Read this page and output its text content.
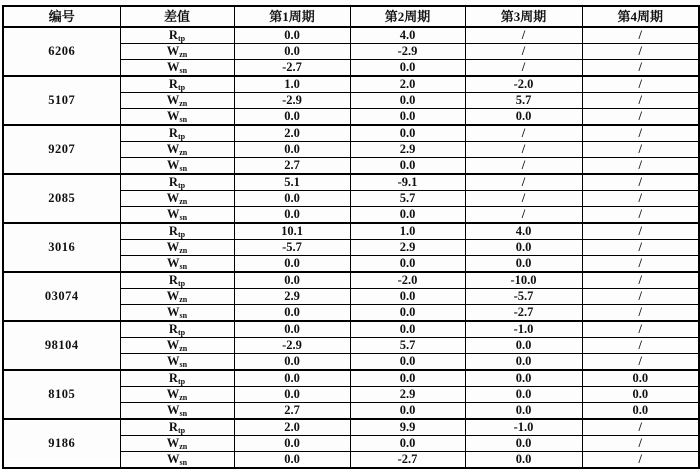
编号	差值	第1周期	第2周期	第3周期	第4周期
6206	$R_{tp}$	0.0	4.0	/	/
	$W_{zn}$	0.0	-2.9	/	/
	$W_{sn}$	-2.7	0.0	/	/
5107	$R_{tp}$	1.0	2.0	-2.0	/
	$W_{zn}$	-2.9	0.0	5.7	/
	$W_{sn}$	0.0	0.0	0.0	/
9207	$R_{tp}$	2.0	0.0	/	/
	$W_{zn}$	0.0	2.9	/	/
	$W_{sn}$	2.7	0.0	/	/
2085	$R_{tp}$	5.1	-9.1	/	/
	$W_{zn}$	0.0	5.7	/	/
	$W_{sn}$	0.0	0.0	/	/
3016	$R_{tp}$	10.1	1.0	4.0	/
	$W_{zn}$	-5.7	2.9	0.0	/
	$W_{sn}$	0.0	0.0	0.0	/
03074	$R_{tp}$	0.0	-2.0	-10.0	/
	$W_{zn}$	2.9	0.0	-5.7	/
	$W_{sn}$	0.0	0.0	-2.7	/
98104	$R_{tp}$	0.0	0.0	-1.0	/
	$W_{zn}$	-2.9	5.7	0.0	/
	$W_{sn}$	0.0	0.0	0.0	/
8105	$R_{tp}$	0.0	0.0	0.0	0.0
	$W_{zn}$	0.0	2.9	0.0	0.0
	$W_{sn}$	2.7	0.0	0.0	0.0
9186	$R_{tp}$	2.0	9.9	-1.0	/
	$W_{zn}$	0.0	0.0	0.0	/
	$W_{sn}$	0.0	-2.7	0.0	/
